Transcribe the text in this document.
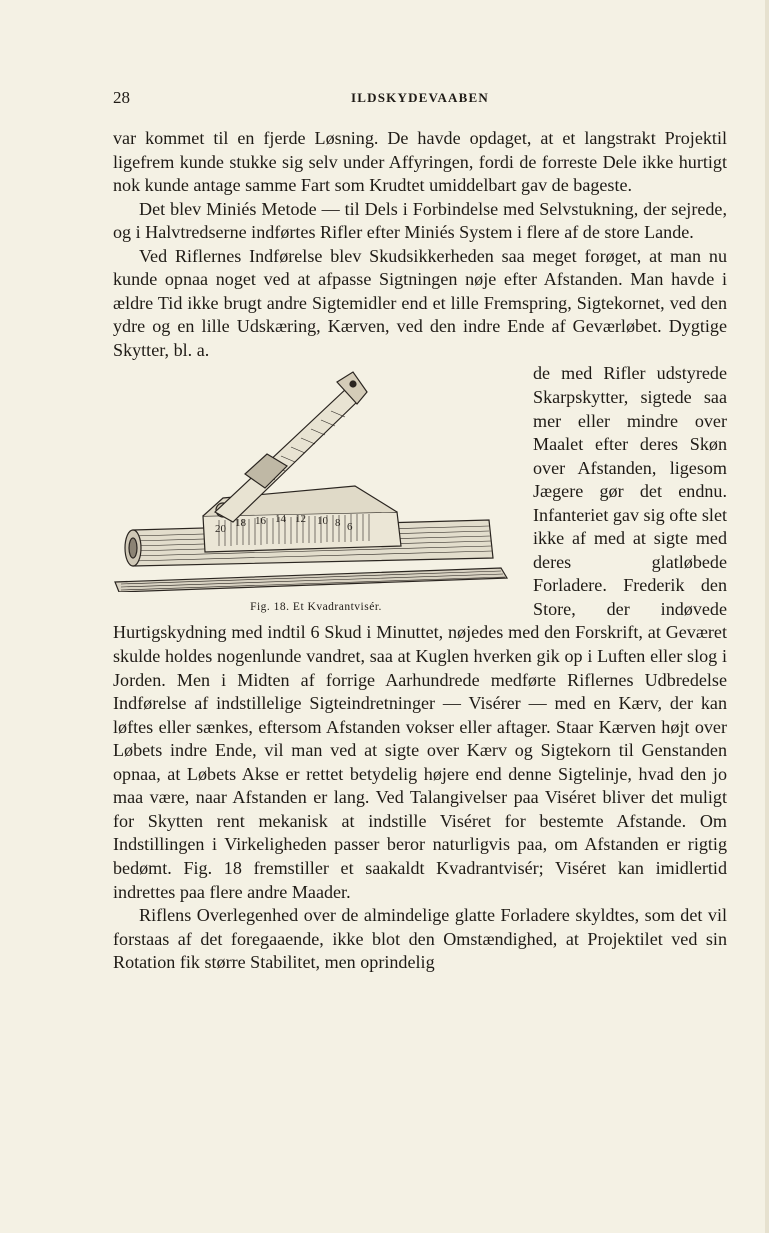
28	ILDSKYDEVAABEN

var kommet til en fjerde Løsning. De havde opdaget, at et langstrakt Projektil ligefrem kunde stukke sig selv under Affyringen, fordi de forreste Dele ikke hurtigt nok kunde antage samme Fart som Krudtet umiddelbart gav de bageste.

Det blev Miniés Metode — til Dels i Forbindelse med Selvstukning, der sejrede, og i Halvtredserne indførtes Rifler efter Miniés System i flere af de store Lande.

Ved Riflernes Indførelse blev Skudsikkerheden saa meget forøget, at man nu kunde opnaa noget ved at afpasse Sigtningen nøje efter Afstanden. Man havde i ældre Tid ikke brugt andre Sigtemidler end et lille Fremspring, Sigtekornet, ved den ydre og en lille Udskæring, Kærven, ved den indre Ende af Geværløbet. Dygtige Skytter, bl. a.

20 18 16 14 12 10 8 6
Fig. 18. Et Kvadrantvisér.

de med Rifler udstyrede Skarpskytter, sigtede saa mer eller mindre over Maalet efter deres Skøn over Afstanden, ligesom Jægere gør det endnu. Infanteriet gav sig ofte slet ikke af med at sigte med deres glatløbede Forladere. Frederik den Store, der indøvede Hurtigskydning med indtil 6 Skud i Minuttet, nøjedes med den Forskrift, at Geværet skulde holdes nogenlunde vandret, saa at Kuglen hverken gik op i Luften eller slog i Jorden. Men i Midten af forrige Aarhundrede medførte Riflernes Udbredelse Indførelse af indstillelige Sigteindretninger — Visérer — med en Kærv, der kan løftes eller sænkes, eftersom Afstanden vokser eller aftager. Staar Kærven højt over Løbets indre Ende, vil man ved at sigte over Kærv og Sigtekorn til Genstanden opnaa, at Løbets Akse er rettet betydelig højere end denne Sigtelinje, hvad den jo maa være, naar Afstanden er lang. Ved Talangivelser paa Viséret bliver det muligt for Skytten rent mekanisk at indstille Viséret for bestemte Afstande. Om Indstillingen i Virkeligheden passer beror naturligvis paa, om Afstanden er rigtig bedømt. Fig. 18 fremstiller et saakaldt Kvadrantvisér; Viséret kan imidlertid indrettes paa flere andre Maader.

Riflens Overlegenhed over de almindelige glatte Forladere skyldtes, som det vil forstaas af det foregaaende, ikke blot den Omstændighed, at Projektilet ved sin Rotation fik større Stabilitet, men oprindelig
